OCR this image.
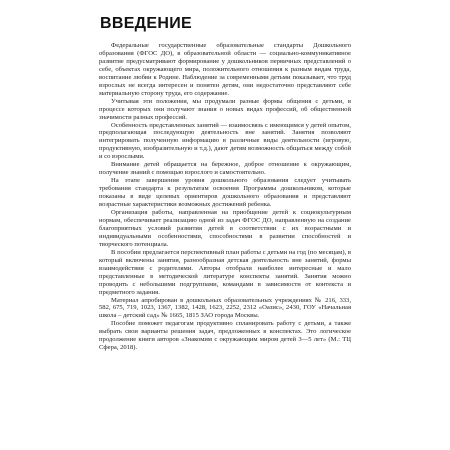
ВВЕДЕНИЕ

Федеральные государственные образовательные стандарты Дошкольного образования (ФГОС ДО), в образовательной области — социально-коммуникативное развитие предусматривают формирование у дошкольников первичных представлений о себе, объектах окружающего мира, положительного отношения к разным видам труда, воспитание любви к Родине. Наблюдение за современными детьми показывает, что труд взрослых не всегда интересен и понятен детям, они недостаточно представляют себе материальную сторону труда, его содержание.

Учитывая эти положения, мы продумали разные формы общения с детьми, в процессе которых они получают знания о новых видах профессий, об общественной значимости разных профессий.

Особенность представленных занятий — взаимосвязь с имеющимся у детей опытом, предполагающая последующую деятельность вне занятий. Занятия позволяют интегрировать полученную информацию в различные виды деятельности (игровую, продуктивную, изобразительную и т.д.), дают детям возможность общаться между собой и со взрослыми.

Внимание детей обращается на бережное, доброе отношение к окружающим, получение знаний с помощью взрослого и самостоятельно.

На этапе завершения уровня дошкольного образования следует учитывать требования стандарта к результатам освоения Программы дошкольником, которые показаны в виде целевых ориентиров дошкольного образования и представляют возрастные характеристики возможных достижений ребенка.

Организация работы, направленная на приобщение детей к социокультурным нормам, обеспечивает реализацию одной из задач ФГОС ДО, направленную на создание благоприятных условий развития детей в соответствии с их возрастными и индивидуальными особенностями, способностями в развитии способностей и творческого потенциала.

В пособии предлагается перспективный план работы с детьми на год (по месяцам), в который включены занятия, разнообразная детская деятельность вне занятий, формы взаимодействия с родителями. Авторы отобрали наиболее интересные и мало представленные в методической литературе конспекты занятий. Занятия можно проводить с небольшими подгруппами, командами в зависимости от контекста и предметного задания.

Материал апробирован в дошкольных образовательных учреждениях № 216, 333, 582, 675, 719, 1023, 1367, 1382, 1428, 1623, 2252, 2312 «Оазис», 2430, ГОУ «Начальная школа – детский сад» № 1665, 1815 ЗАО города Москвы.

Пособие поможет педагогам продуктивно спланировать работу с детьми, а также выбрать свои варианты решения задач, предложенных в конспектах. Это логическое продолжение книги авторов «Знакомим с окружающим миром детей 3—5 лет» (М.: ТЦ Сфера, 2018).
